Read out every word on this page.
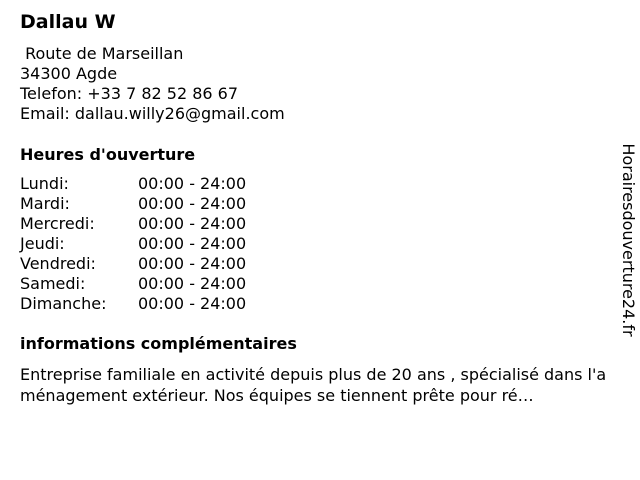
Dallau W
Route de Marseillan
34300 Agde
Telefon: +33 7 82 52 86 67
Email: dallau.willy26@gmail.com
Heures d'ouverture
Lundi:	00:00 - 24:00
Mardi:	00:00 - 24:00
Mercredi:	00:00 - 24:00
Jeudi:	00:00 - 24:00
Vendredi:	00:00 - 24:00
Samedi:	00:00 - 24:00
Dimanche: 00:00 - 24:00
informations complémentaires
Entreprise familiale en activité depuis plus de 20 ans , spécialisé dans l'aménagement extérieur. Nos équipes se tiennent prête pour ré…
Horairesdouverture24.fr
